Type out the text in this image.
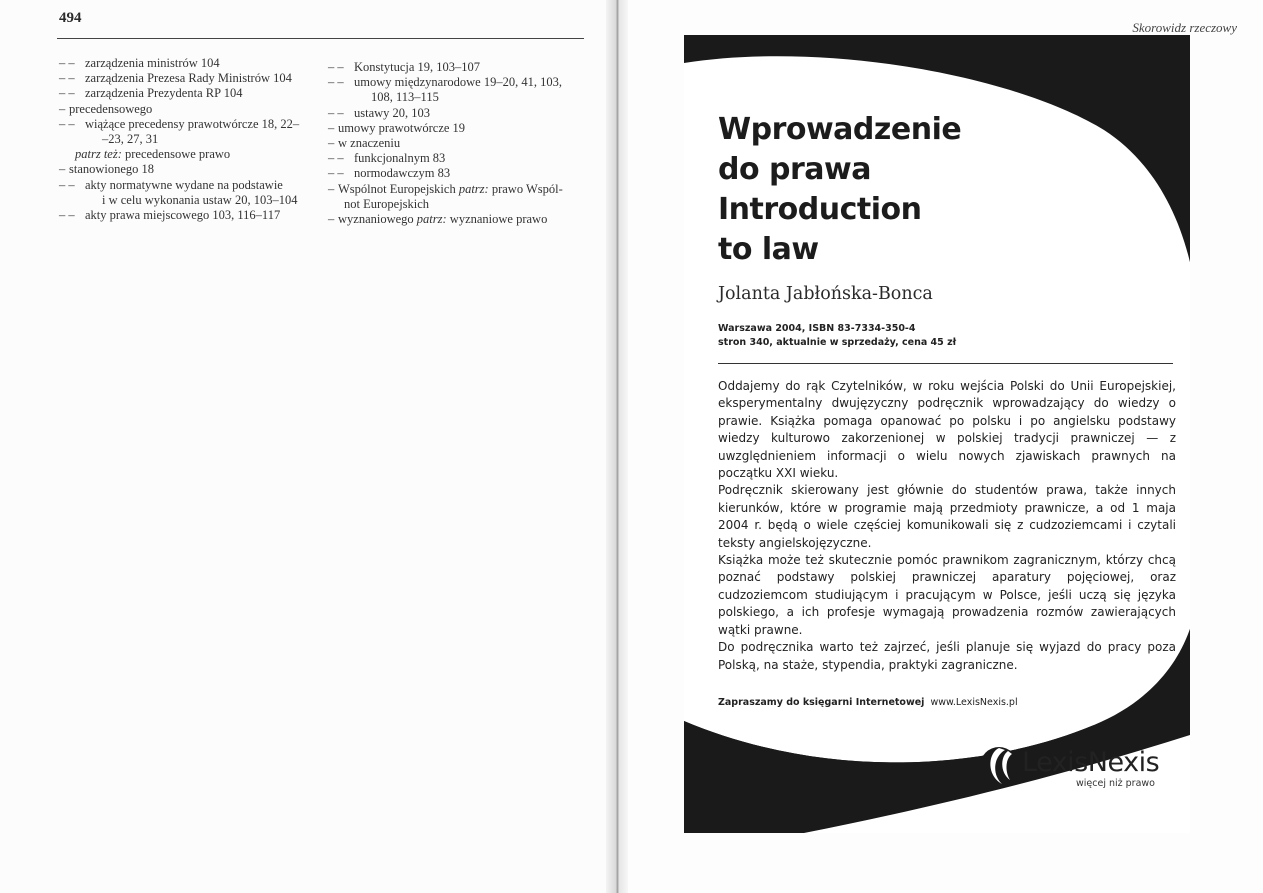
494
Skorowidz rzeczowy
– – zarządzenia ministrów 104
– – zarządzenia Prezesa Rady Ministrów 104
– – zarządzenia Prezydenta RP 104
– precedensowego
– – wiążące precedensy prawotwórcze 18, 22–
–23, 27, 31
patrz też: precedensowe prawo
– stanowionego 18
– – akty normatywne wydane na podstawie
i w celu wykonania ustaw 20, 103–104
– – akty prawa miejscowego 103, 116–117
– – Konstytucja 19, 103–107
– – umowy międzynarodowe 19–20, 41, 103,
108, 113–115
– – ustawy 20, 103
– umowy prawotwórcze 19
– w znaczeniu
– – funkcjonalnym 83
– – normodawczym 83
– Wspólnot Europejskich patrz: prawo Wspól-
not Europejskich
– wyznaniowego patrz: wyznaniowe prawo
Wprowadzenie
do prawa
Introduction
to law
Jolanta Jabłońska-Bonca
Warszawa 2004, ISBN 83-7334-350-4
stron 340, aktualnie w sprzedaży, cena 45 zł

Oddajemy do rąk Czytelników, w roku wejścia Polski do Unii Europejskiej, eksperymentalny dwujęzyczny podręcznik wprowadzający do wiedzy o prawie. Książka pomaga opanować po polsku i po angielsku podstawy wiedzy kulturowo zakorzenionej w polskiej tradycji prawniczej — z uwzględnieniem informacji o wielu nowych zjawiskach prawnych na początku XXI wieku.

Podręcznik skierowany jest głównie do studentów prawa, także innych kierunków, które w programie mają przedmioty prawnicze, a od 1 maja 2004 r. będą o wiele częściej komunikowali się z cudzoziemcami i czytali teksty angielskojęzyczne.

Książka może też skutecznie pomóc prawnikom zagranicznym, którzy chcą poznać podstawy polskiej prawniczej aparatury pojęciowej, oraz cudzoziemcom studiującym i pracującym w Polsce, jeśli uczą się języka polskiego, a ich profesje wymagają prowadzenia rozmów zawierających wątki prawne.

Do podręcznika warto też zajrzeć, jeśli planuje się wyjazd do pracy poza Polską, na staże, stypendia, praktyki zagraniczne.

Zapraszamy do księgarni Internetowej www.LexisNexis.pl
LexisNexis
więcej niż prawo
